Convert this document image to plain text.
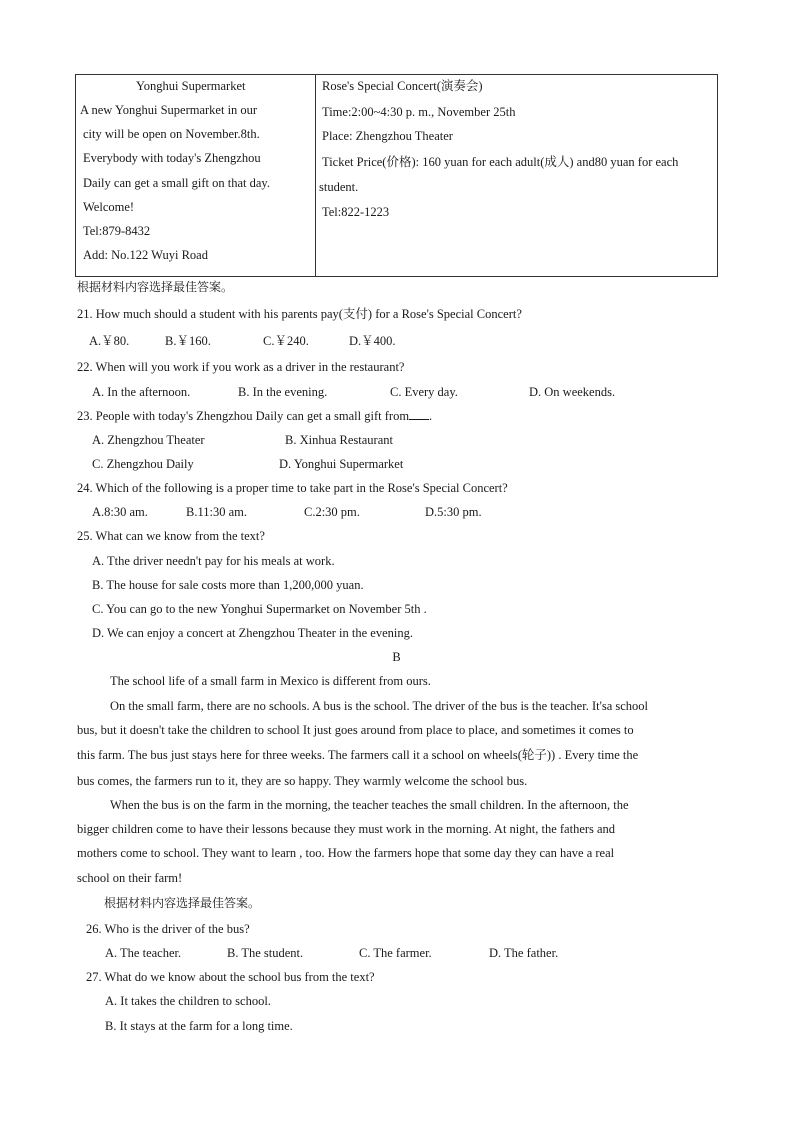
Yonghui Supermarket
A new Yonghui Supermarket in our
city will be open on November.8th.
Everybody with today's Zhengzhou
Daily can get a small gift on that day.
Welcome!
Tel:879-8432
Add: No.122 Wuyi Road
Rose's Special Concert(演奏会)
Time:2:00~4:30 p. m., November 25th
Place: Zhengzhou Theater
Ticket Price(价格): 160 yuan for each adult(成人) and80 yuan for each
student.
Tel:822-1223
根据材料内容选择最佳答案。
21. How much should a student with his parents pay(支付) for a Rose's Special Concert?
A.￥80.	B.￥160.	C.￥240.	D.￥400.
22. When will you work if you work as a driver in the restaurant?
A. In the afternoon.	B. In the evening.	C. Every day.	D. On weekends.
23. People with today's Zhengzhou Daily can get a small gift from .
A. Zhengzhou Theater	B. Xinhua Restaurant
C. Zhengzhou Daily	D. Yonghui Supermarket
24. Which of the following is a proper time to take part in the Rose's Special Concert?
A.8:30 am.	B.11:30 am.	C.2:30 pm.	D.5:30 pm.
25. What can we know from the text?
A. Tthe driver needn't pay for his meals at work.
B. The house for sale costs more than 1,200,000 yuan.
C. You can go to the new Yonghui Supermarket on November 5th .
D. We can enjoy a concert at Zhengzhou Theater in the evening.
B
The school life of a small farm in Mexico is different from ours.
On the small farm, there are no schools. A bus is the school. The driver of the bus is the teacher. It'sa school
bus, but it doesn't take the children to school It just goes around from place to place, and sometimes it comes to
this farm. The bus just stays here for three weeks. The farmers call it a school on wheels(轮子)) . Every time the
bus comes, the farmers run to it, they are so happy. They warmly welcome the school bus.
When the bus is on the farm in the morning, the teacher teaches the small children. In the afternoon, the
bigger children come to have their lessons because they must work in the morning. At night, the fathers and
mothers come to school. They want to learn , too. How the farmers hope that some day they can have a real
school on their farm!
根据材料内容选择最佳答案。
26. Who is the driver of the bus?
A. The teacher.	B. The student.	C. The farmer.	D. The father.
27. What do we know about the school bus from the text?
A. It takes the children to school.
B. It stays at the farm for a long time.
